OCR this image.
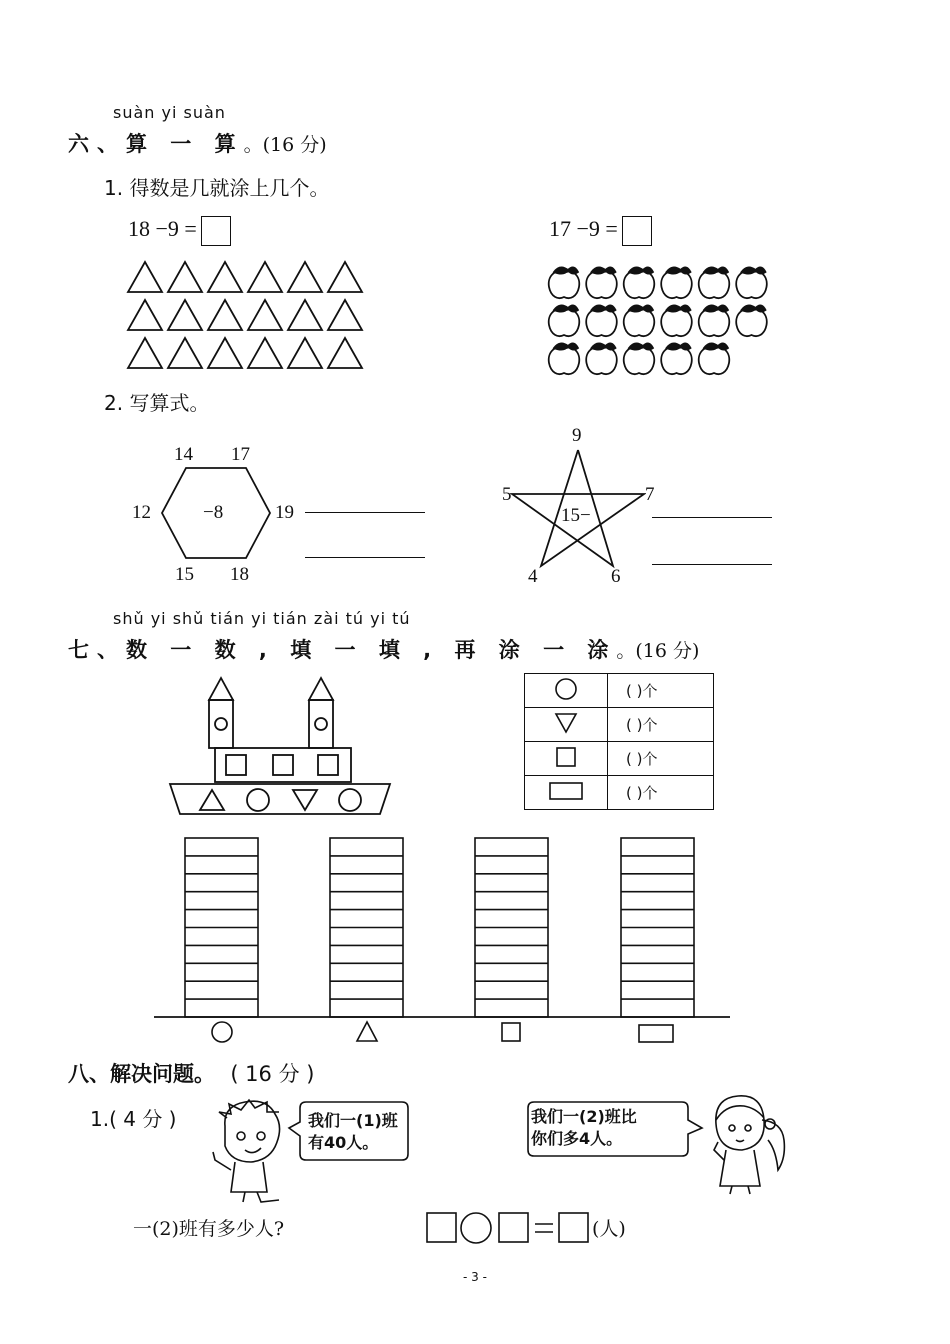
suàn yi suàn
六、算 一 算。(16 分)
1. 得数是几就涂上几个。
18 −9 =	17 −9 =
2. 写算式。
14 17
12	−8	19
15 18
9
5	7
15−
4	6
shǔ yi shǔ tián yi tián zài tú yi tú
七、数 一 数 , 填 一 填 , 再 涂 一 涂。(16 分)
	( )个
	( )个
	( )个
	( )个
八、解决问题。 ( 16 分 )
1.( 4 分 )	我们一(1)班
有40人。
我们一(2)班比
你们多4人。
一(2)班有多少人?	(人)
- 3 -
